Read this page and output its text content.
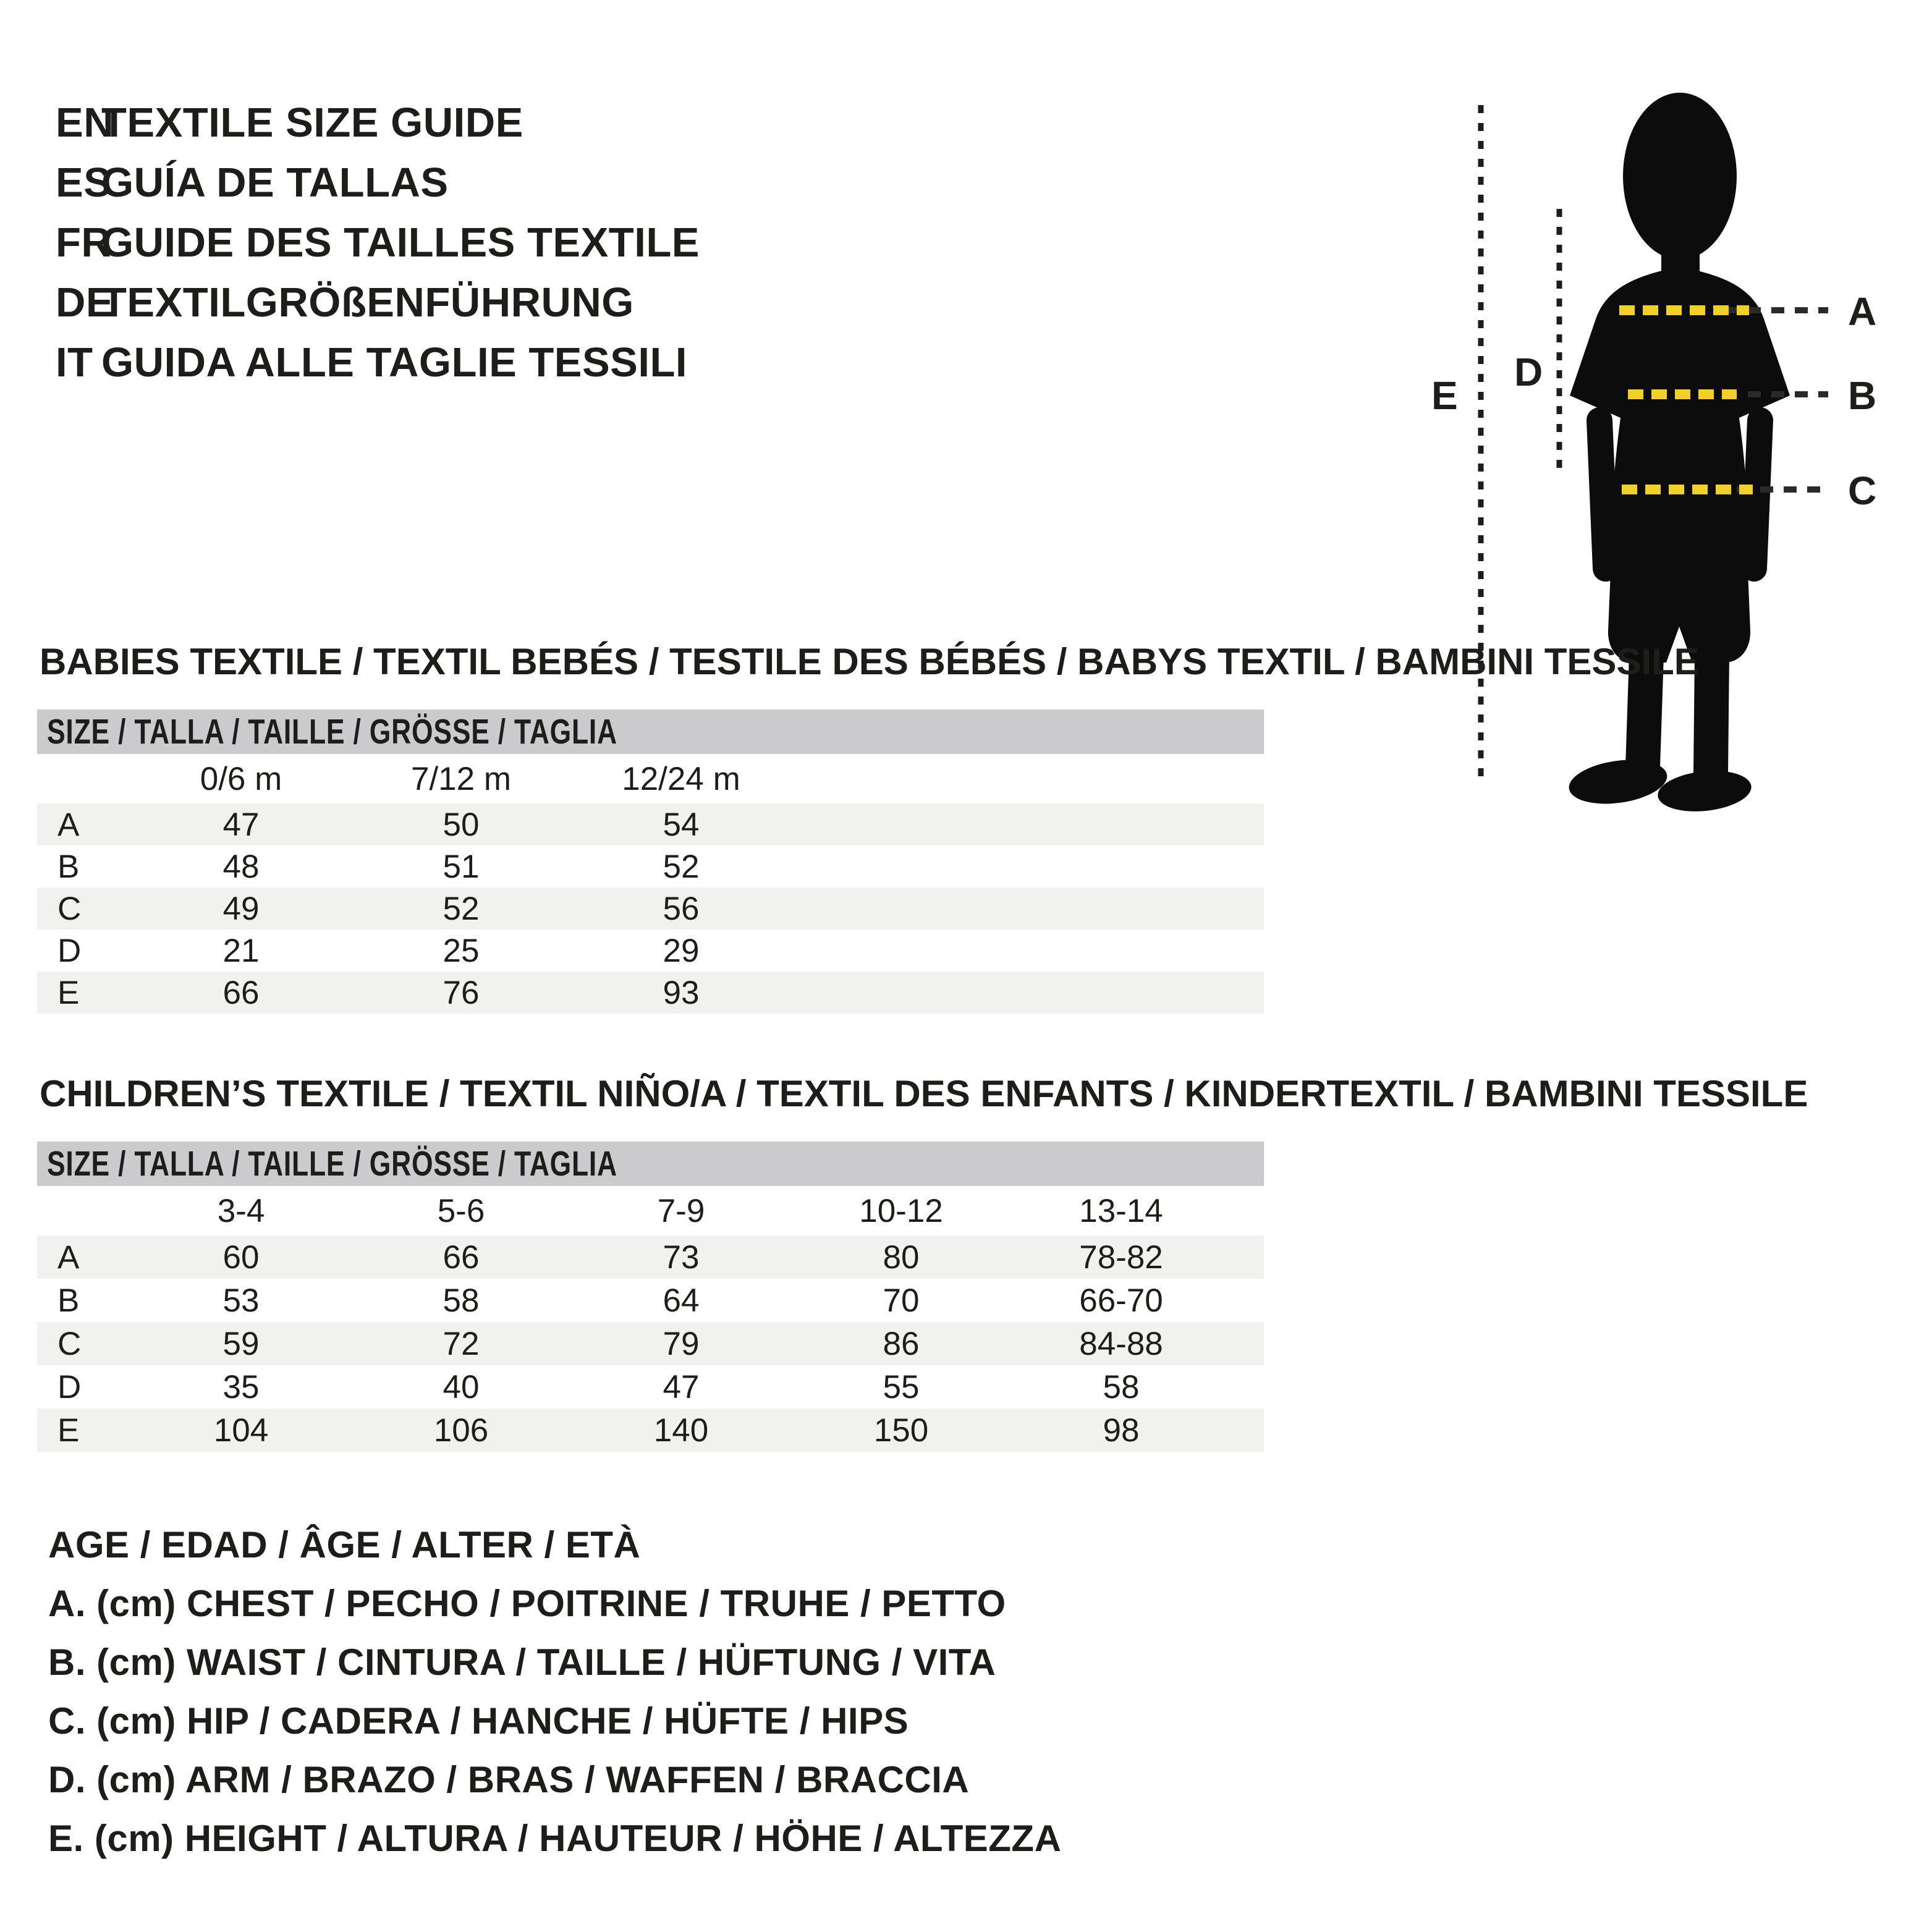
EN
TEXTILE SIZE GUIDE
ES
GUÍA DE TALLAS
FR
GUIDE DES TAILLES TEXTILE
DE
TEXTILGRÖßENFÜHRUNG
IT GUIDA ALLE TAGLIE TESSILI
A
B
C
D
E
BABIES TEXTILE / TEXTIL BEBÉS / TESTILE DES BÉBÉS / BABYS TEXTIL / BAMBINI TESSILE
SIZE / TALLA / TAILLE / GRÖSSE / TAGLIA
0/6 m	7/12 m	12/24 m
A	47	50	54
B	48	51	52
C	49	52	56
D	21	25	29
E	66	76	93
CHILDREN’S TEXTILE / TEXTIL NIÑO/A / TEXTIL DES ENFANTS / KINDERTEXTIL / BAMBINI TESSILE
SIZE / TALLA / TAILLE / GRÖSSE / TAGLIA
3-4	5-6	7-9	10-12	13-14
A	60	66	73	80	78-82
B	53	58	64	70	66-70
C	59	72	79	86	84-88
D	35	40	47	55	58
E	104	106	140	150	98
AGE / EDAD / ÂGE / ALTER / ETÀ
A. (cm) CHEST / PECHO / POITRINE / TRUHE / PETTO
B. (cm) WAIST / CINTURA / TAILLE / HÜFTUNG / VITA
C. (cm) HIP / CADERA / HANCHE / HÜFTE / HIPS
D. (cm) ARM / BRAZO / BRAS / WAFFEN / BRACCIA
E. (cm) HEIGHT / ALTURA / HAUTEUR / HÖHE / ALTEZZA
